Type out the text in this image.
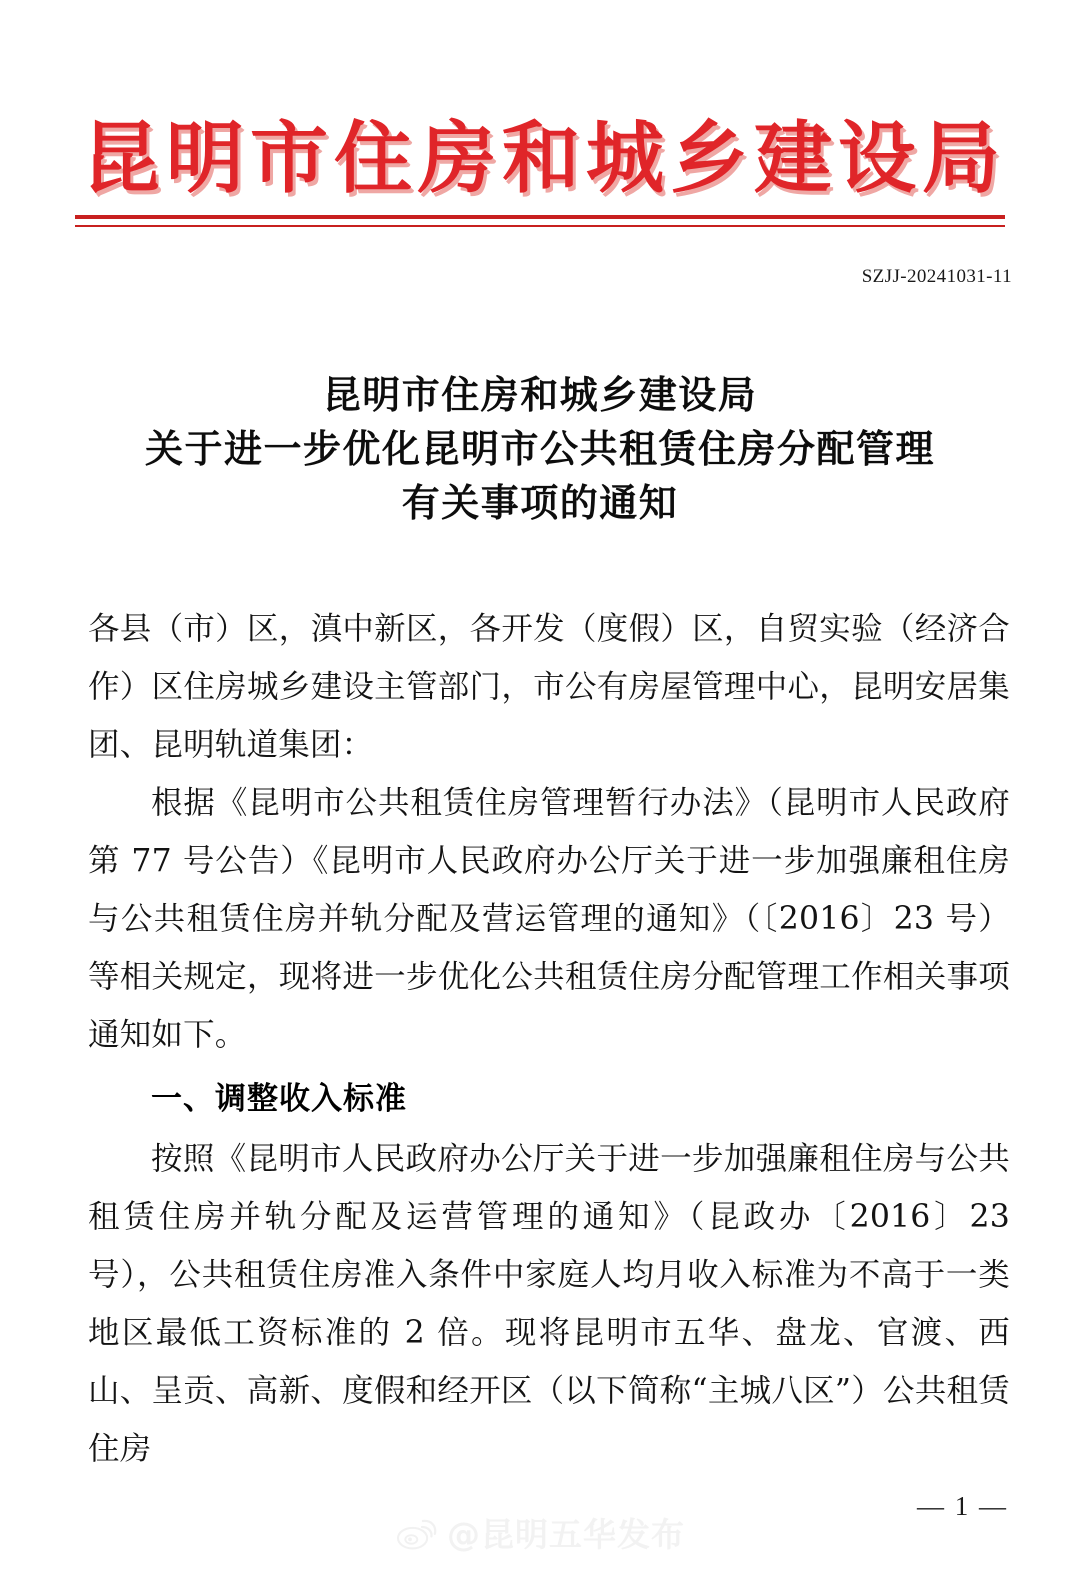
昆明市住房和城乡建设局
SZJJ-20241031-11
昆明市住房和城乡建设局
关于进一步优化昆明市公共租赁住房分配管理
有关事项的通知

各县（市）区，滇中新区，各开发（度假）区，自贸实验（经济合作）区住房城乡建设主管部门，市公有房屋管理中心，昆明安居集团、昆明轨道集团：

根据《昆明市公共租赁住房管理暂行办法》（昆明市人民政府第 77 号公告）《昆明市人民政府办公厅关于进一步加强廉租住房与公共租赁住房并轨分配及营运管理的通知》（〔2016〕23 号）等相关规定，现将进一步优化公共租赁住房分配管理工作相关事项通知如下。

一、调整收入标准

按照《昆明市人民政府办公厅关于进一步加强廉租住房与公共租赁住房并轨分配及运营管理的通知》（昆政办〔2016〕23 号），公共租赁住房准入条件中家庭人均月收入标准为不高于一类地区最低工资标准的 2 倍。现将昆明市五华、盘龙、官渡、西山、呈贡、高新、度假和经开区（以下简称“主城八区”）公共租赁住房

— 1 —
@昆明五华发布
